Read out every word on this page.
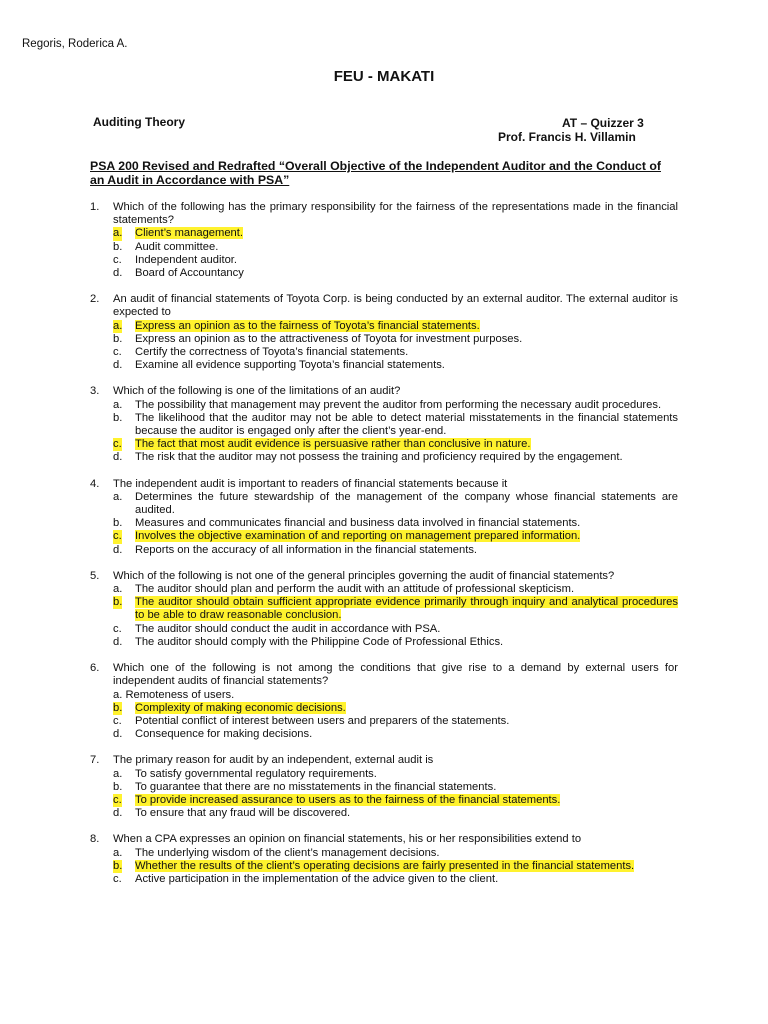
Regoris, Roderica A.
FEU - MAKATI
Auditing Theory	AT – Quizzer 3
Prof. Francis H. Villamin
PSA 200 Revised and Redrafted “Overall Objective of the Independent Auditor and the Conduct of an Audit in Accordance with PSA”
1. Which of the following has the primary responsibility for the fairness of the representations made in the financial statements?
a. Client’s management.
b. Audit committee.
c. Independent auditor.
d. Board of Accountancy
2. An audit of financial statements of Toyota Corp. is being conducted by an external auditor. The external auditor is expected to
a. Express an opinion as to the fairness of Toyota’s financial statements.
b. Express an opinion as to the attractiveness of Toyota for investment purposes.
c. Certify the correctness of Toyota’s financial statements.
d. Examine all evidence supporting Toyota’s financial statements.
3. Which of the following is one of the limitations of an audit?
a. The possibility that management may prevent the auditor from performing the necessary audit procedures.
b. The likelihood that the auditor may not be able to detect material misstatements in the financial statements because the auditor is engaged only after the client’s year-end.
c. The fact that most audit evidence is persuasive rather than conclusive in nature.
d. The risk that the auditor may not possess the training and proficiency required by the engagement.
4. The independent audit is important to readers of financial statements because it
a. Determines the future stewardship of the management of the company whose financial statements are audited.
b. Measures and communicates financial and business data involved in financial statements.
c. Involves the objective examination of and reporting on management prepared information.
d. Reports on the accuracy of all information in the financial statements.
5. Which of the following is not one of the general principles governing the audit of financial statements?
a. The auditor should plan and perform the audit with an attitude of professional skepticism.
b. The auditor should obtain sufficient appropriate evidence primarily through inquiry and analytical procedures to be able to draw reasonable conclusion.
c. The auditor should conduct the audit in accordance with PSA.
d. The auditor should comply with the Philippine Code of Professional Ethics.
6. Which one of the following is not among the conditions that give rise to a demand by external users for independent audits of financial statements?
a. Remoteness of users.
b. Complexity of making economic decisions.
c. Potential conflict of interest between users and preparers of the statements.
d. Consequence for making decisions.
7. The primary reason for audit by an independent, external audit is
a. To satisfy governmental regulatory requirements.
b. To guarantee that there are no misstatements in the financial statements.
c. To provide increased assurance to users as to the fairness of the financial statements.
d. To ensure that any fraud will be discovered.
8. When a CPA expresses an opinion on financial statements, his or her responsibilities extend to
a. The underlying wisdom of the client’s management decisions.
b. Whether the results of the client’s operating decisions are fairly presented in the financial statements.
c. Active participation in the implementation of the advice given to the client.
